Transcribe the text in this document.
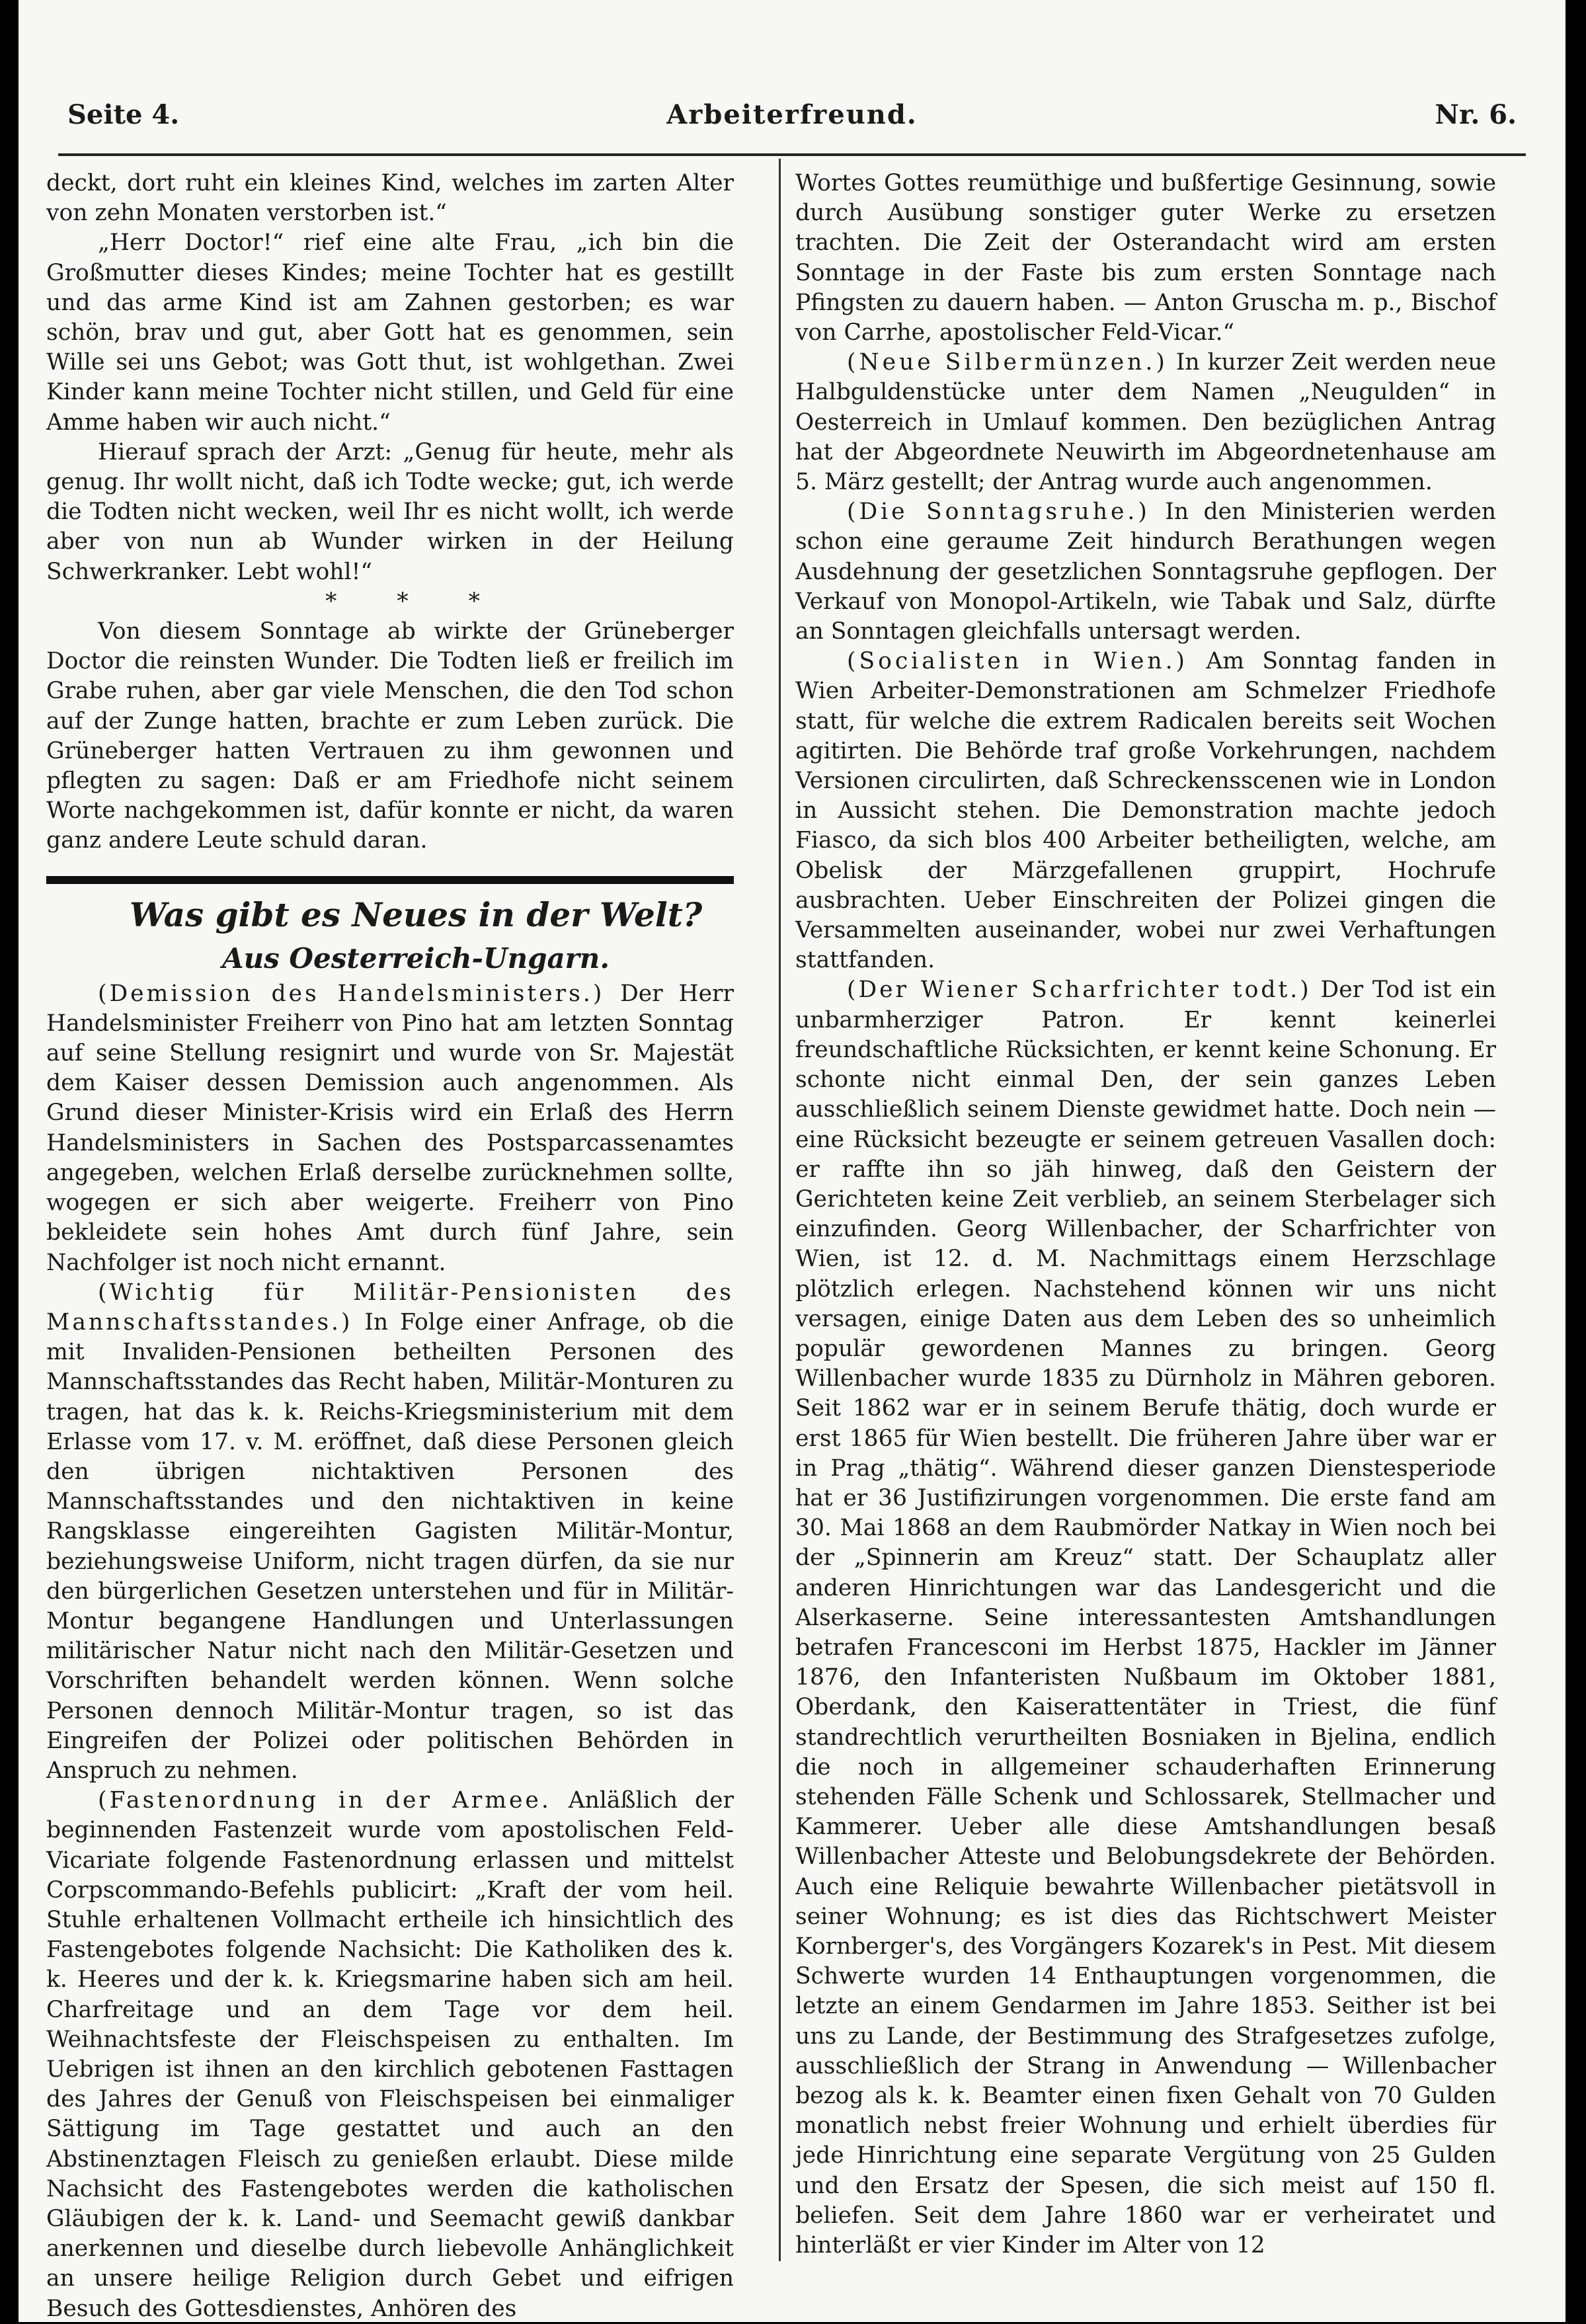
Seite 4.	Arbeiterfreund.	Nr. 6.

deckt, dort ruht ein kleines Kind, welches im zarten Alter von zehn Monaten verstorben ist.“

„Herr Doctor!“ rief eine alte Frau, „ich bin die Großmutter dieses Kindes; meine Tochter hat es gestillt und das arme Kind ist am Zahnen gestorben; es war schön, brav und gut, aber Gott hat es genommen, sein Wille sei uns Gebot; was Gott thut, ist wohlgethan. Zwei Kinder kann meine Tochter nicht stillen, und Geld für eine Amme haben wir auch nicht.“

Hierauf sprach der Arzt: „Genug für heute, mehr als genug. Ihr wollt nicht, daß ich Todte wecke; gut, ich werde die Todten nicht wecken, weil Ihr es nicht wollt, ich werde aber von nun ab Wunder wirken in der Heilung Schwerkranker. Lebt wohl!“

* * *

Von diesem Sonntage ab wirkte der Grüneberger Doctor die reinsten Wunder. Die Todten ließ er freilich im Grabe ruhen, aber gar viele Menschen, die den Tod schon auf der Zunge hatten, brachte er zum Leben zurück. Die Grüneberger hatten Vertrauen zu ihm gewonnen und pflegten zu sagen: Daß er am Friedhofe nicht seinem Worte nachgekommen ist, dafür konnte er nicht, da waren ganz andere Leute schuld daran.

Was gibt es Neues in der Welt?

Aus Oesterreich-Ungarn.

(Demission des Handelsministers.) Der Herr Handelsminister Freiherr von Pino hat am letzten Sonntag auf seine Stellung resignirt und wurde von Sr. Majestät dem Kaiser dessen Demission auch angenommen. Als Grund dieser Minister-Krisis wird ein Erlaß des Herrn Handelsministers in Sachen des Postsparcassenamtes angegeben, welchen Erlaß derselbe zurücknehmen sollte, wogegen er sich aber weigerte. Freiherr von Pino bekleidete sein hohes Amt durch fünf Jahre, sein Nachfolger ist noch nicht ernannt.

(Wichtig für Militär-Pensionisten des Mannschaftsstandes.) In Folge einer Anfrage, ob die mit Invaliden-Pensionen betheilten Personen des Mannschaftsstandes das Recht haben, Militär-Monturen zu tragen, hat das k. k. Reichs-Kriegsministerium mit dem Erlasse vom 17. v. M. eröffnet, daß diese Personen gleich den übrigen nichtaktiven Personen des Mannschaftsstandes und den nichtaktiven in keine Rangsklasse eingereihten Gagisten Militär-Montur, beziehungsweise Uniform, nicht tragen dürfen, da sie nur den bürgerlichen Gesetzen unterstehen und für in Militär-Montur begangene Handlungen und Unterlassungen militärischer Natur nicht nach den Militär-Gesetzen und Vorschriften behandelt werden können. Wenn solche Personen dennoch Militär-Montur tragen, so ist das Eingreifen der Polizei oder politischen Behörden in Anspruch zu nehmen.

(Fastenordnung in der Armee. Anläßlich der beginnenden Fastenzeit wurde vom apostolischen Feld-Vicariate folgende Fastenordnung erlassen und mittelst Corpscommando-Befehls publicirt: „Kraft der vom heil. Stuhle erhaltenen Vollmacht ertheile ich hinsichtlich des Fastengebotes folgende Nachsicht: Die Katholiken des k. k. Heeres und der k. k. Kriegsmarine haben sich am heil. Charfreitage und an dem Tage vor dem heil. Weihnachtsfeste der Fleischspeisen zu enthalten. Im Uebrigen ist ihnen an den kirchlich gebotenen Fasttagen des Jahres der Genuß von Fleischspeisen bei einmaliger Sättigung im Tage gestattet und auch an den Abstinenztagen Fleisch zu genießen erlaubt. Diese milde Nachsicht des Fastengebotes werden die katholischen Gläubigen der k. k. Land- und Seemacht gewiß dankbar anerkennen und dieselbe durch liebevolle Anhänglichkeit an unsere heilige Religion durch Gebet und eifrigen Besuch des Gottesdienstes, Anhören des

Wortes Gottes reumüthige und bußfertige Gesinnung, sowie durch Ausübung sonstiger guter Werke zu ersetzen trachten. Die Zeit der Osterandacht wird am ersten Sonntage in der Faste bis zum ersten Sonntage nach Pfingsten zu dauern haben. — Anton Gruscha m. p., Bischof von Carrhe, apostolischer Feld-Vicar.“

(Neue Silbermünzen.) In kurzer Zeit werden neue Halbguldenstücke unter dem Namen „Neugulden“ in Oesterreich in Umlauf kommen. Den bezüglichen Antrag hat der Abgeordnete Neuwirth im Abgeordnetenhause am 5. März gestellt; der Antrag wurde auch angenommen.

(Die Sonntagsruhe.) In den Ministerien werden schon eine geraume Zeit hindurch Berathungen wegen Ausdehnung der gesetzlichen Sonntagsruhe gepflogen. Der Verkauf von Monopol-Artikeln, wie Tabak und Salz, dürfte an Sonntagen gleichfalls untersagt werden.

(Socialisten in Wien.) Am Sonntag fanden in Wien Arbeiter-Demonstrationen am Schmelzer Friedhofe statt, für welche die extrem Radicalen bereits seit Wochen agitirten. Die Behörde traf große Vorkehrungen, nachdem Versionen circulirten, daß Schreckensscenen wie in London in Aussicht stehen. Die Demonstration machte jedoch Fiasco, da sich blos 400 Arbeiter betheiligten, welche, am Obelisk der Märzgefallenen gruppirt, Hochrufe ausbrachten. Ueber Einschreiten der Polizei gingen die Versammelten auseinander, wobei nur zwei Verhaftungen stattfanden.

(Der Wiener Scharfrichter todt.) Der Tod ist ein unbarmherziger Patron. Er kennt keinerlei freundschaftliche Rücksichten, er kennt keine Schonung. Er schonte nicht einmal Den, der sein ganzes Leben ausschließlich seinem Dienste gewidmet hatte. Doch nein — eine Rücksicht bezeugte er seinem getreuen Vasallen doch: er raffte ihn so jäh hinweg, daß den Geistern der Gerichteten keine Zeit verblieb, an seinem Sterbelager sich einzufinden. Georg Willenbacher, der Scharfrichter von Wien, ist 12. d. M. Nachmittags einem Herzschlage plötzlich erlegen. Nachstehend können wir uns nicht versagen, einige Daten aus dem Leben des so unheimlich populär gewordenen Mannes zu bringen. Georg Willenbacher wurde 1835 zu Dürnholz in Mähren geboren. Seit 1862 war er in seinem Berufe thätig, doch wurde er erst 1865 für Wien bestellt. Die früheren Jahre über war er in Prag „thätig“. Während dieser ganzen Dienstesperiode hat er 36 Justifizirungen vorgenommen. Die erste fand am 30. Mai 1868 an dem Raubmörder Natkay in Wien noch bei der „Spinnerin am Kreuz“ statt. Der Schauplatz aller anderen Hinrichtungen war das Landesgericht und die Alserkaserne. Seine interessantesten Amtshandlungen betrafen Francesconi im Herbst 1875, Hackler im Jänner 1876, den Infanteristen Nußbaum im Oktober 1881, Oberdank, den Kaiserattentäter in Triest, die fünf standrechtlich verurtheilten Bosniaken in Bjelina, endlich die noch in allgemeiner schauderhaften Erinnerung stehenden Fälle Schenk und Schlossarek, Stellmacher und Kammerer. Ueber alle diese Amtshandlungen besaß Willenbacher Atteste und Belobungsdekrete der Behörden. Auch eine Reliquie bewahrte Willenbacher pietätsvoll in seiner Wohnung; es ist dies das Richtschwert Meister Kornberger's, des Vorgängers Kozarek's in Pest. Mit diesem Schwerte wurden 14 Enthauptungen vorgenommen, die letzte an einem Gendarmen im Jahre 1853. Seither ist bei uns zu Lande, der Bestimmung des Strafgesetzes zufolge, ausschließlich der Strang in Anwendung — Willenbacher bezog als k. k. Beamter einen fixen Gehalt von 70 Gulden monatlich nebst freier Wohnung und erhielt überdies für jede Hinrichtung eine separate Vergütung von 25 Gulden und den Ersatz der Spesen, die sich meist auf 150 fl. beliefen. Seit dem Jahre 1860 war er verheiratet und hinterläßt er vier Kinder im Alter von 12
